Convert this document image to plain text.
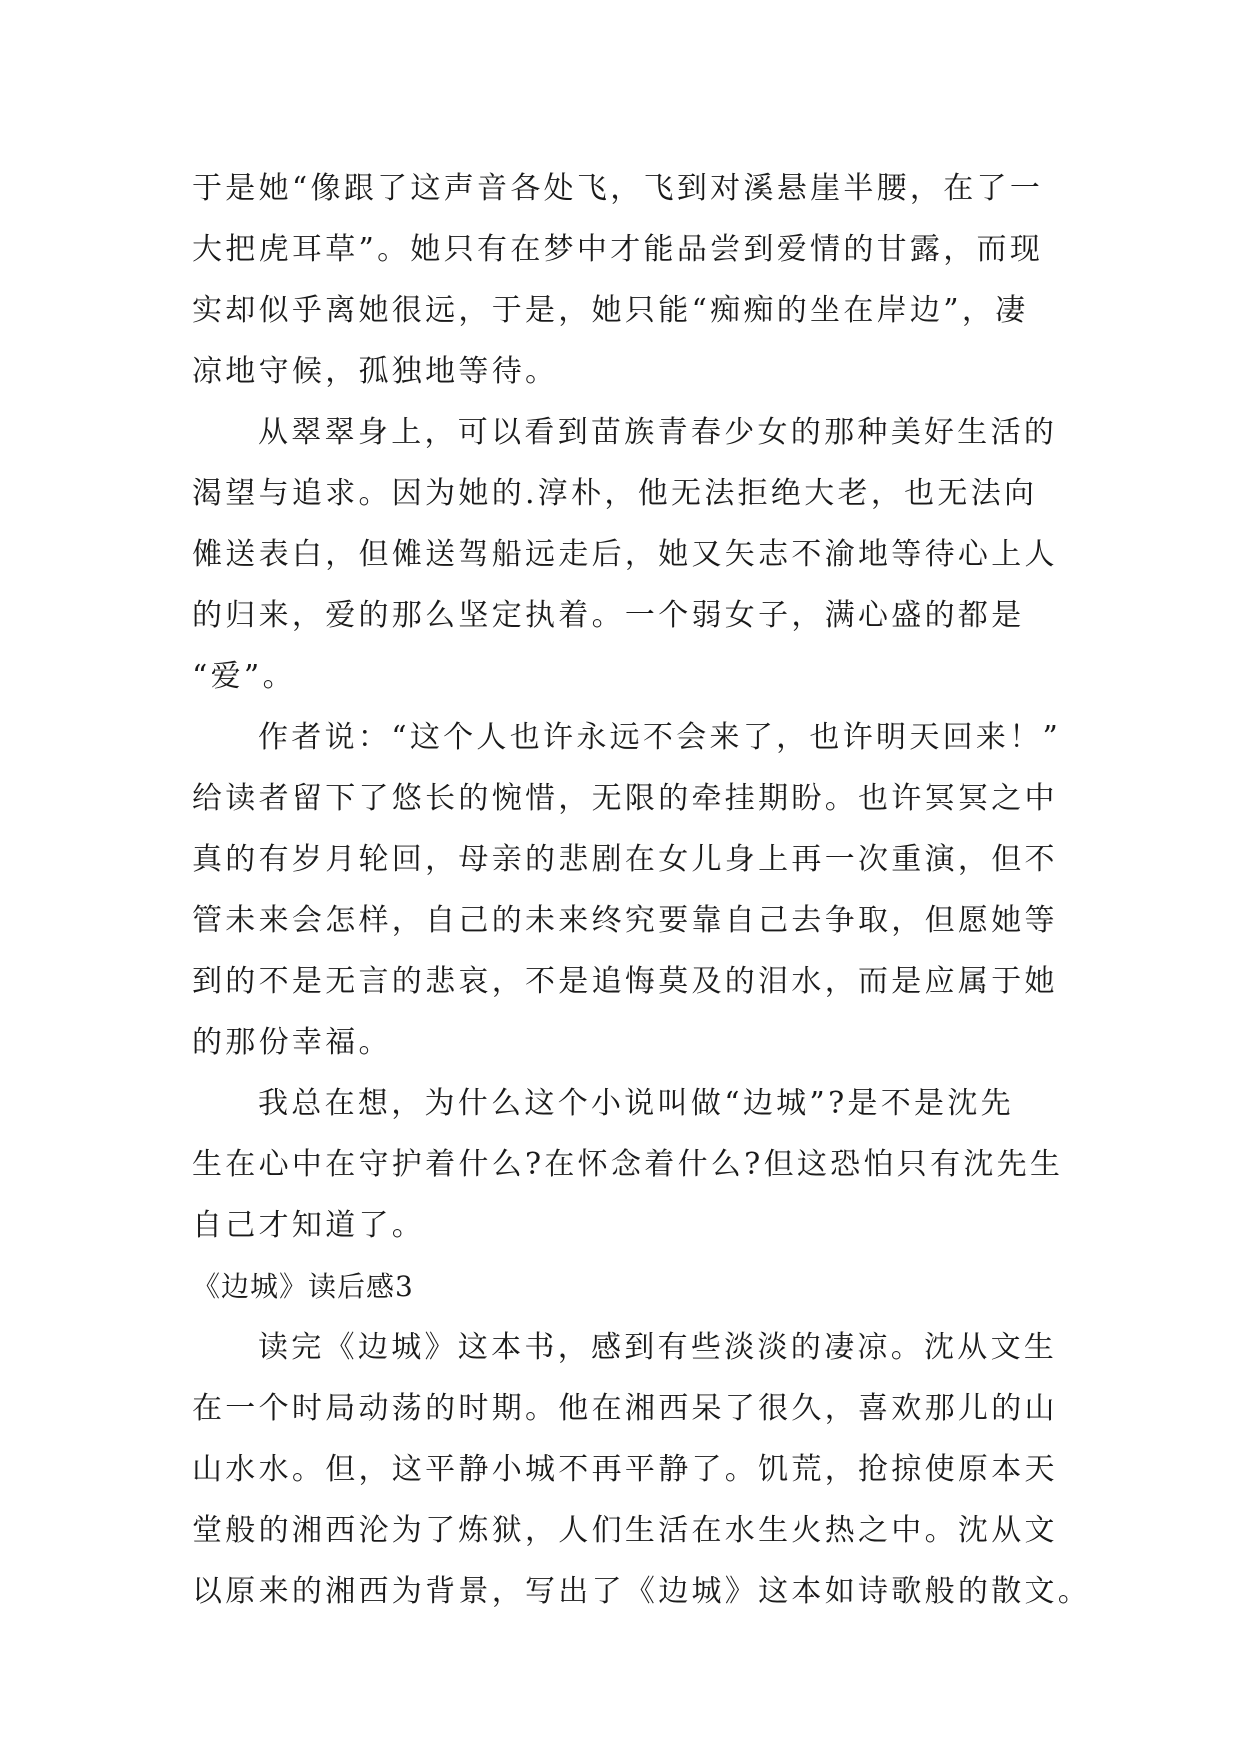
于是她“像跟了这声音各处飞，飞到对溪悬崖半腰，在了一
大把虎耳草”。她只有在梦中才能品尝到爱情的甘露，而现
实却似乎离她很远，于是，她只能“痴痴的坐在岸边”，凄
凉地守候，孤独地等待。
从翠翠身上，可以看到苗族青春少女的那种美好生活的
渴望与追求。因为她的.淳朴，他无法拒绝大老，也无法向
傩送表白，但傩送驾船远走后，她又矢志不渝地等待心上人
的归来，爱的那么坚定执着。一个弱女子，满心盛的都是
“爱”。
作者说：“这个人也许永远不会来了，也许明天回来！”
给读者留下了悠长的惋惜，无限的牵挂期盼。也许冥冥之中
真的有岁月轮回，母亲的悲剧在女儿身上再一次重演，但不
管未来会怎样，自己的未来终究要靠自己去争取，但愿她等
到的不是无言的悲哀，不是追悔莫及的泪水，而是应属于她
的那份幸福。
我总在想，为什么这个小说叫做“边城”?是不是沈先
生在心中在守护着什么?在怀念着什么?但这恐怕只有沈先生
自己才知道了。
《边城》读后感3
读完《边城》这本书，感到有些淡淡的凄凉。沈从文生
在一个时局动荡的时期。他在湘西呆了很久，喜欢那儿的山
山水水。但，这平静小城不再平静了。饥荒，抢掠使原本天
堂般的湘西沦为了炼狱，人们生活在水生火热之中。沈从文
以原来的湘西为背景，写出了《边城》这本如诗歌般的散文。
